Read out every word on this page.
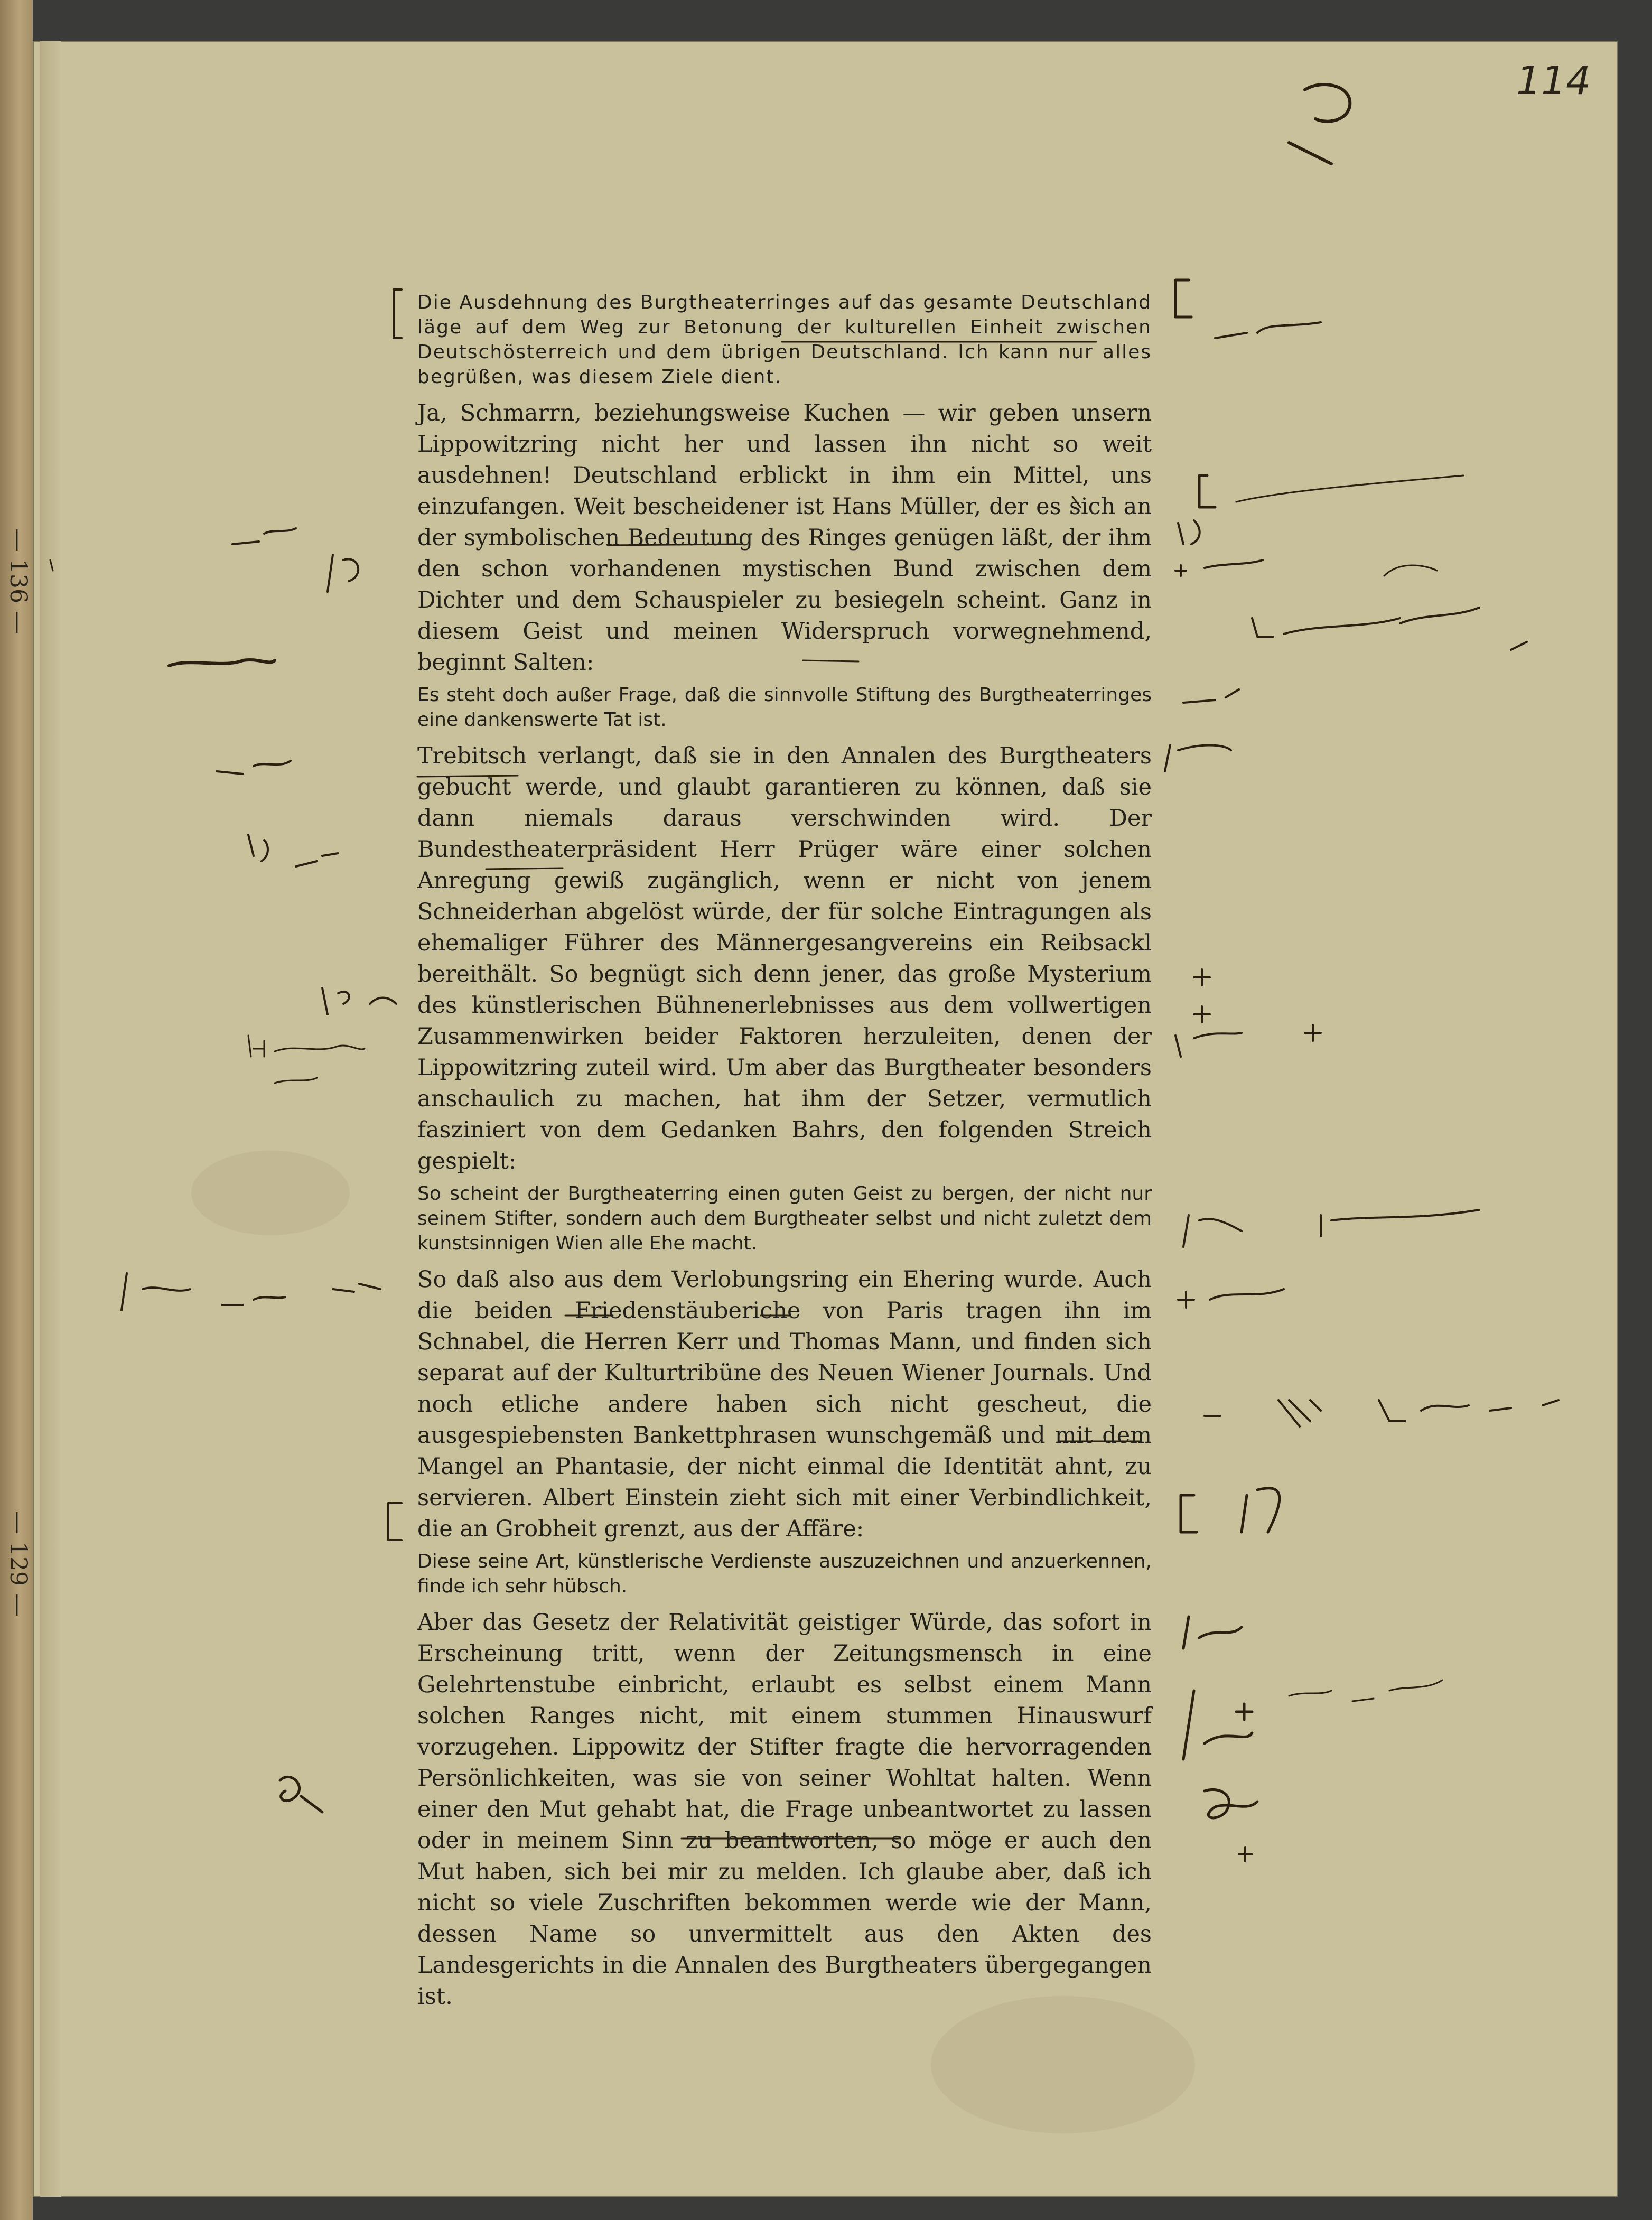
— 136 —
— 129 —
114

Die Ausdehnung des Burgtheaterringes auf das gesamte Deutschland läge auf dem Weg zur Betonung der kulturellen Einheit zwischen Deutschösterreich und dem übrigen Deutschland. Ich kann nur alles begrüßen, was diesem Ziele dient.

Ja, Schmarrn, beziehungsweise Kuchen — wir geben unsern Lippowitzring nicht her und lassen ihn nicht so weit ausdehnen! Deutschland erblickt in ihm ein Mittel, uns einzufangen. Weit bescheidener ist Hans Müller, der es sich an der symbolischen Bedeutung des Ringes genügen läßt, der ihm den schon vorhandenen mystischen Bund zwischen dem Dichter und dem Schauspieler zu besiegeln scheint. Ganz in diesem Geist und meinen Widerspruch vorwegnehmend, beginnt Salten:

Es steht doch außer Frage, daß die sinnvolle Stiftung des Burgtheaterringes eine dankenswerte Tat ist.

Trebitsch verlangt, daß sie in den Annalen des Burgtheaters gebucht werde, und glaubt garantieren zu können, daß sie dann niemals daraus verschwinden wird. Der Bundestheaterpräsident Herr Prüger wäre einer solchen Anregung gewiß zugänglich, wenn er nicht von jenem Schneiderhan abgelöst würde, der für solche Eintragungen als ehemaliger Führer des Männergesangvereins ein Reibsackl bereithält. So begnügt sich denn jener, das große Mysterium des künstlerischen Bühnenerlebnisses aus dem vollwertigen Zusammenwirken beider Faktoren herzuleiten, denen der Lippowitzring zuteil wird. Um aber das Burgtheater besonders anschaulich zu machen, hat ihm der Setzer, vermutlich fasziniert von dem Gedanken Bahrs, den folgenden Streich gespielt:

So scheint der Burgtheaterring einen guten Geist zu bergen, der nicht nur seinem Stifter, sondern auch dem Burgtheater selbst und nicht zuletzt dem kunstsinnigen Wien alle Ehe macht.

So daß also aus dem Verlobungsring ein Ehering wurde. Auch die beiden Friedenstäuberiche von Paris tragen ihn im Schnabel, die Herren Kerr und Thomas Mann, und finden sich separat auf der Kulturtribüne des Neuen Wiener Journals. Und noch etliche andere haben sich nicht gescheut, die ausgespiebensten Bankettphrasen wunschgemäß und mit dem Mangel an Phantasie, der nicht einmal die Identität ahnt, zu servieren. Albert Einstein zieht sich mit einer Verbindlichkeit, die an Grobheit grenzt, aus der Affäre:

Diese seine Art, künstlerische Verdienste auszuzeichnen und anzuerkennen, finde ich sehr hübsch.

Aber das Gesetz der Relativität geistiger Würde, das sofort in Erscheinung tritt, wenn der Zeitungsmensch in eine Gelehrtenstube einbricht, erlaubt es selbst einem Mann solchen Ranges nicht, mit einem stummen Hinauswurf vorzugehen. Lippowitz der Stifter fragte die hervorragenden Persönlichkeiten, was sie von seiner Wohltat halten. Wenn einer den Mut gehabt hat, die Frage unbeantwortet zu lassen oder in meinem Sinn zu beantworten, so möge er auch den Mut haben, sich bei mir zu melden. Ich glaube aber, daß ich nicht so viele Zuschriften bekommen werde wie der Mann, dessen Name so unvermittelt aus den Akten des Landesgerichts in die Annalen des Burgtheaters übergegangen ist.
